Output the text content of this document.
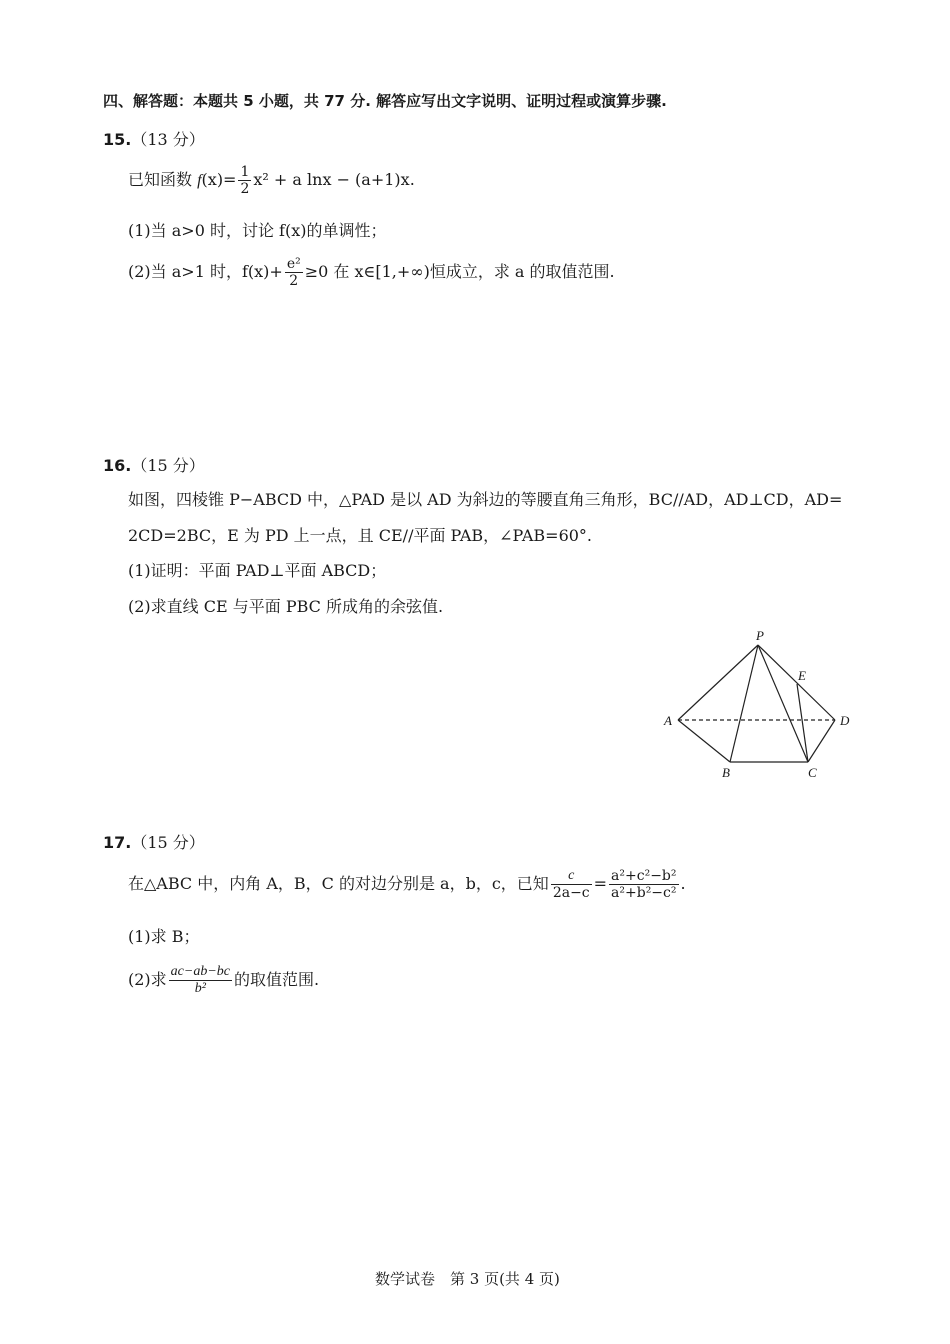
四、解答题：本题共 5 小题，共 77 分. 解答应写出文字说明、证明过程或演算步骤.
15.（13 分）
已知函数 $f(x)= \frac{1}{2} x^2 + a$ lnx − (a+1)x.
(1)当 a>0 时，讨论 f(x)的单调性；
(2)当 a>1 时，$f(x)+ \frac{\text{e²}}{2} \ge 0$ 在 x∈[1,+∞)恒成立，求 a 的取值范围.
16.（15 分）
如图，四棱锥 P−ABCD 中，△PAD 是以 AD 为斜边的等腰直角三角形，BC//AD，AD⊥CD，AD=
2CD=2BC，E 为 PD 上一点，且 CE//平面 PAB，∠PAB=60°.
(1)证明：平面 PAD⊥平面 ABCD；
(2)求直线 CE 与平面 PBC 所成角的余弦值.
P
E
A	D
B	C
17.（15 分）
在△ABC 中，内角 A，B，C 的对边分别是 a，b，c，已知 $\frac{c}{2a-c} = \frac{\text{a²+c²−b²}}{\text{a²+b²−c²}}$ .
(1)求 B；
(2)求 $\frac{ac-ab-bc}{\text{b²}}$ 的取值范围.
数学试卷　第 3 页(共 4 页)
